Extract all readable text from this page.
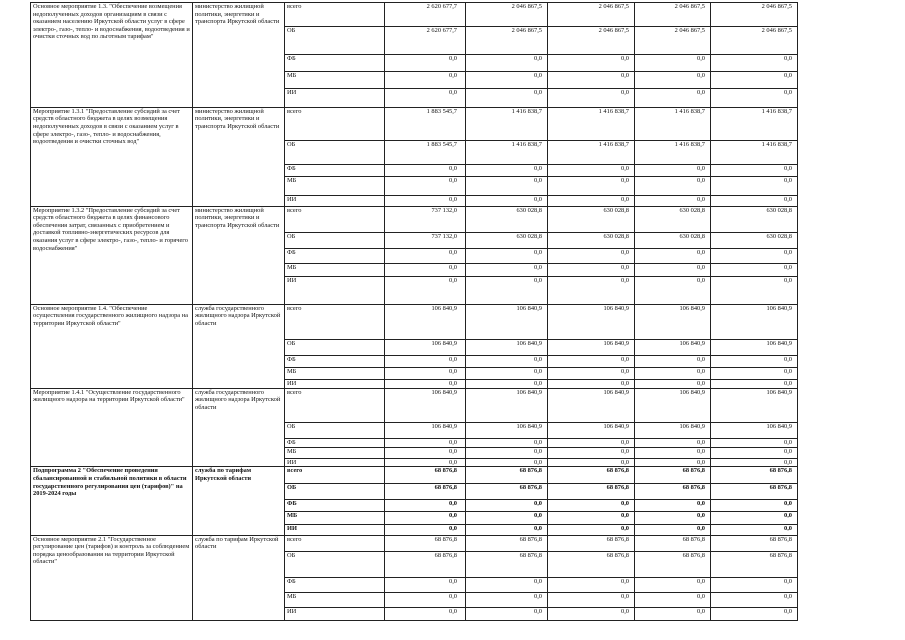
Основное мероприятие 1.3. "Обеспечение возмещения недополученных доходов организациям в связи с оказанием населению Иркутской области услуг в сфере электро-, газо-, тепло- и водоснабжения, водоотведения и очистки сточных вод по льготным тарифам"	министерство жилищной политики, энергетики и транспорта Иркутской области	всего	2 620 677,7	2 046 867,5	2 046 867,5	2 046 867,5	2 046 867,5	
		ОБ	2 620 677,7	2 046 867,5	2 046 867,5	2 046 867,5	2 046 867,5	
		ФБ	0,0	0,0	0,0	0,0	0,0	
		МБ	0,0	0,0	0,0	0,0	0,0	
		ИИ	0,0	0,0	0,0	0,0	0,0	
Мероприятие 1.3.1 "Предоставление субсидий за счет средств областного бюджета в целях возмещения недополученных доходов в связи с оказанием услуг в сфере электро-, газо-, тепло- и водоснабжения, водоотведения и очистки сточных вод"	министерство жилищной политики, энергетики и транспорта Иркутской области	всего	1 883 545,7	1 416 838,7	1 416 838,7	1 416 838,7	1 416 838,7	
		ОБ	1 883 545,7	1 416 838,7	1 416 838,7	1 416 838,7	1 416 838,7	
		ФБ	0,0	0,0	0,0	0,0	0,0	
		МБ	0,0	0,0	0,0	0,0	0,0	
		ИИ	0,0	0,0	0,0	0,0	0,0	
Мероприятие 1.3.2 "Предоставление субсидий за счет средств областного бюджета в целях финансового обеспечения затрат, связанных с приобретением и доставкой топливно-энергетических ресурсов для оказания услуг в сфере электро-, газо-, тепло- и горячего водоснабжения"	министерство жилищной политики, энергетики и транспорта Иркутской области	всего	737 132,0	630 028,8	630 028,8	630 028,8	630 028,8	
		ОБ	737 132,0	630 028,8	630 028,8	630 028,8	630 028,8	
		ФБ	0,0	0,0	0,0	0,0	0,0	
		МБ	0,0	0,0	0,0	0,0	0,0	
		ИИ	0,0	0,0	0,0	0,0	0,0	
Основное мероприятие 1.4. "Обеспечение осуществления государственного жилищного надзора на территории Иркутской области"	служба государственного жилищного надзора Иркутской области	всего	106 840,9	106 840,9	106 840,9	106 840,9	106 840,9	
		ОБ	106 840,9	106 840,9	106 840,9	106 840,9	106 840,9	
		ФБ	0,0	0,0	0,0	0,0	0,0	
		МБ	0,0	0,0	0,0	0,0	0,0	
		ИИ	0,0	0,0	0,0	0,0	0,0	
Мероприятие 1.4.1 "Осуществление государственного жилищного надзора на территории Иркутской области"	служба государственного жилищного надзора Иркутской области	всего	106 840,9	106 840,9	106 840,9	106 840,9	106 840,9	
		ОБ	106 840,9	106 840,9	106 840,9	106 840,9	106 840,9	
		ФБ	0,0	0,0	0,0	0,0	0,0	
		МБ	0,0	0,0	0,0	0,0	0,0	
		ИИ	0,0	0,0	0,0	0,0	0,0	
Подпрограмма 2 "Обеспечение проведения сбалансированной и стабильной политики в области государственного регулирования цен (тарифов)" на 2019-2024 годы	служба по тарифам Иркутской области	всего	68 876,8	68 876,8	68 876,8	68 876,8	68 876,8	
		ОБ	68 876,8	68 876,8	68 876,8	68 876,8	68 876,8	
		ФБ	0,0	0,0	0,0	0,0	0,0	
		МБ	0,0	0,0	0,0	0,0	0,0	
		ИИ	0,0	0,0	0,0	0,0	0,0	
Основное мероприятие 2.1 "Государственное регулирование цен (тарифов) и контроль за соблюдением порядка ценообразования на территории Иркутской области"	служба по тарифам Иркутской области	всего	68 876,8	68 876,8	68 876,8	68 876,8	68 876,8	
		ОБ	68 876,8	68 876,8	68 876,8	68 876,8	68 876,8	
		ФБ	0,0	0,0	0,0	0,0	0,0	
		МБ	0,0	0,0	0,0	0,0	0,0	
		ИИ	0,0	0,0	0,0	0,0	0,0	
